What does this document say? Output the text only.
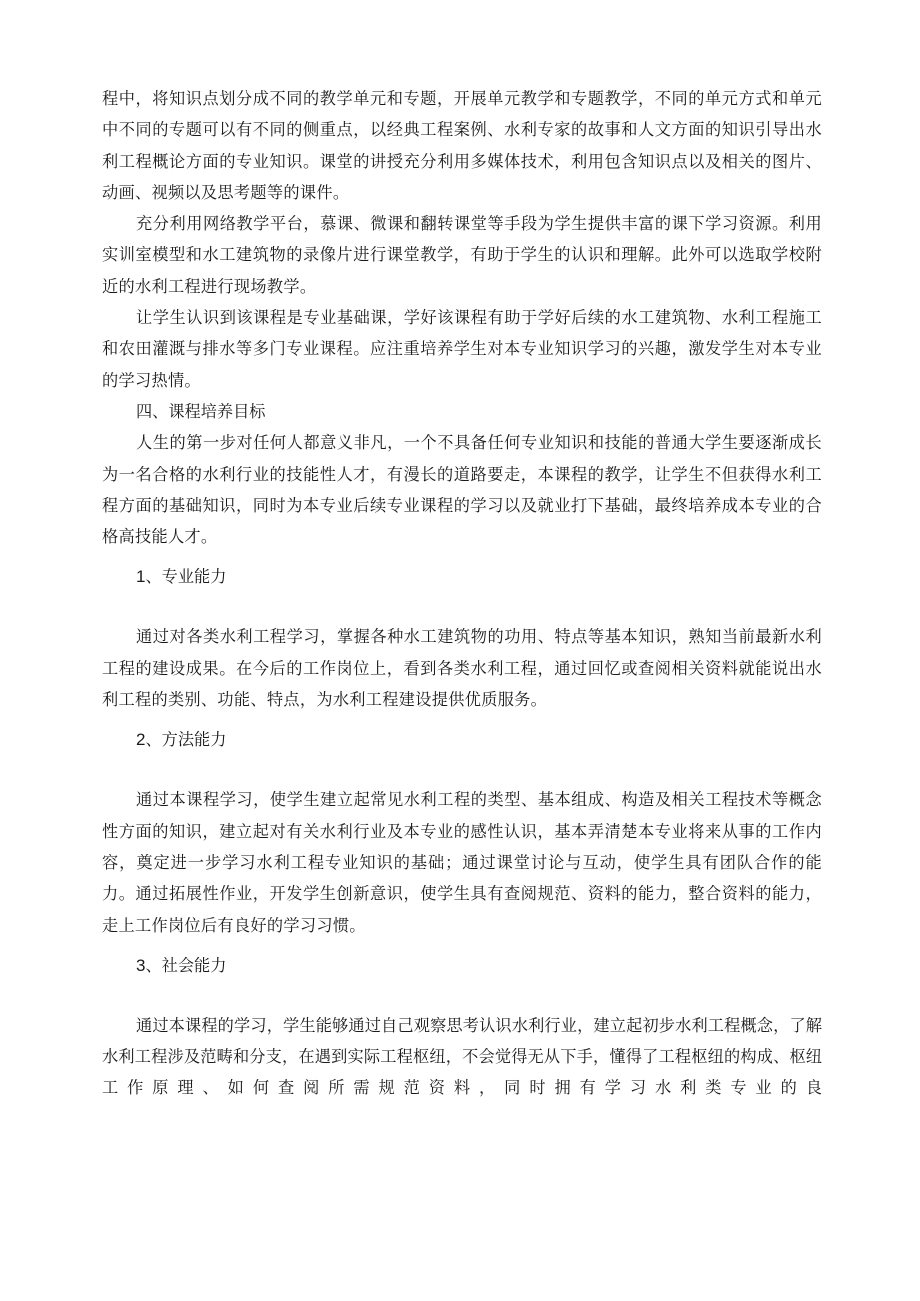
程中，将知识点划分成不同的教学单元和专题，开展单元教学和专题教学，不同的单元方式和单元中不同的专题可以有不同的侧重点，以经典工程案例、水利专家的故事和人文方面的知识引导出水利工程概论方面的专业知识。课堂的讲授充分利用多媒体技术，利用包含知识点以及相关的图片、动画、视频以及思考题等的课件。

充分利用网络教学平台，慕课、微课和翻转课堂等手段为学生提供丰富的课下学习资源。利用实训室模型和水工建筑物的录像片进行课堂教学，有助于学生的认识和理解。此外可以选取学校附近的水利工程进行现场教学。

让学生认识到该课程是专业基础课，学好该课程有助于学好后续的水工建筑物、水利工程施工和农田灌溉与排水等多门专业课程。应注重培养学生对本专业知识学习的兴趣，激发学生对本专业的学习热情。

四、课程培养目标

人生的第一步对任何人都意义非凡，一个不具备任何专业知识和技能的普通大学生要逐渐成长为一名合格的水利行业的技能性人才，有漫长的道路要走，本课程的教学，让学生不但获得水利工程方面的基础知识，同时为本专业后续专业课程的学习以及就业打下基础，最终培养成本专业的合格高技能人才。

1、专业能力

通过对各类水利工程学习，掌握各种水工建筑物的功用、特点等基本知识，熟知当前最新水利工程的建设成果。在今后的工作岗位上，看到各类水利工程，通过回忆或查阅相关资料就能说出水利工程的类别、功能、特点，为水利工程建设提供优质服务。

2、方法能力

通过本课程学习，使学生建立起常见水利工程的类型、基本组成、构造及相关工程技术等概念性方面的知识，建立起对有关水利行业及本专业的感性认识，基本弄清楚本专业将来从事的工作内容，奠定进一步学习水利工程专业知识的基础；通过课堂讨论与互动，使学生具有团队合作的能力。通过拓展性作业，开发学生创新意识，使学生具有查阅规范、资料的能力，整合资料的能力，走上工作岗位后有良好的学习习惯。

3、社会能力

通过本课程的学习，学生能够通过自己观察思考认识水利行业，建立起初步水利工程概念，了解水利工程涉及范畴和分支，在遇到实际工程枢纽，不会觉得无从下手，懂得了工程枢纽的构成、枢纽工作原理、如何查阅所需规范资料，同时拥有学习水利类专业的良
